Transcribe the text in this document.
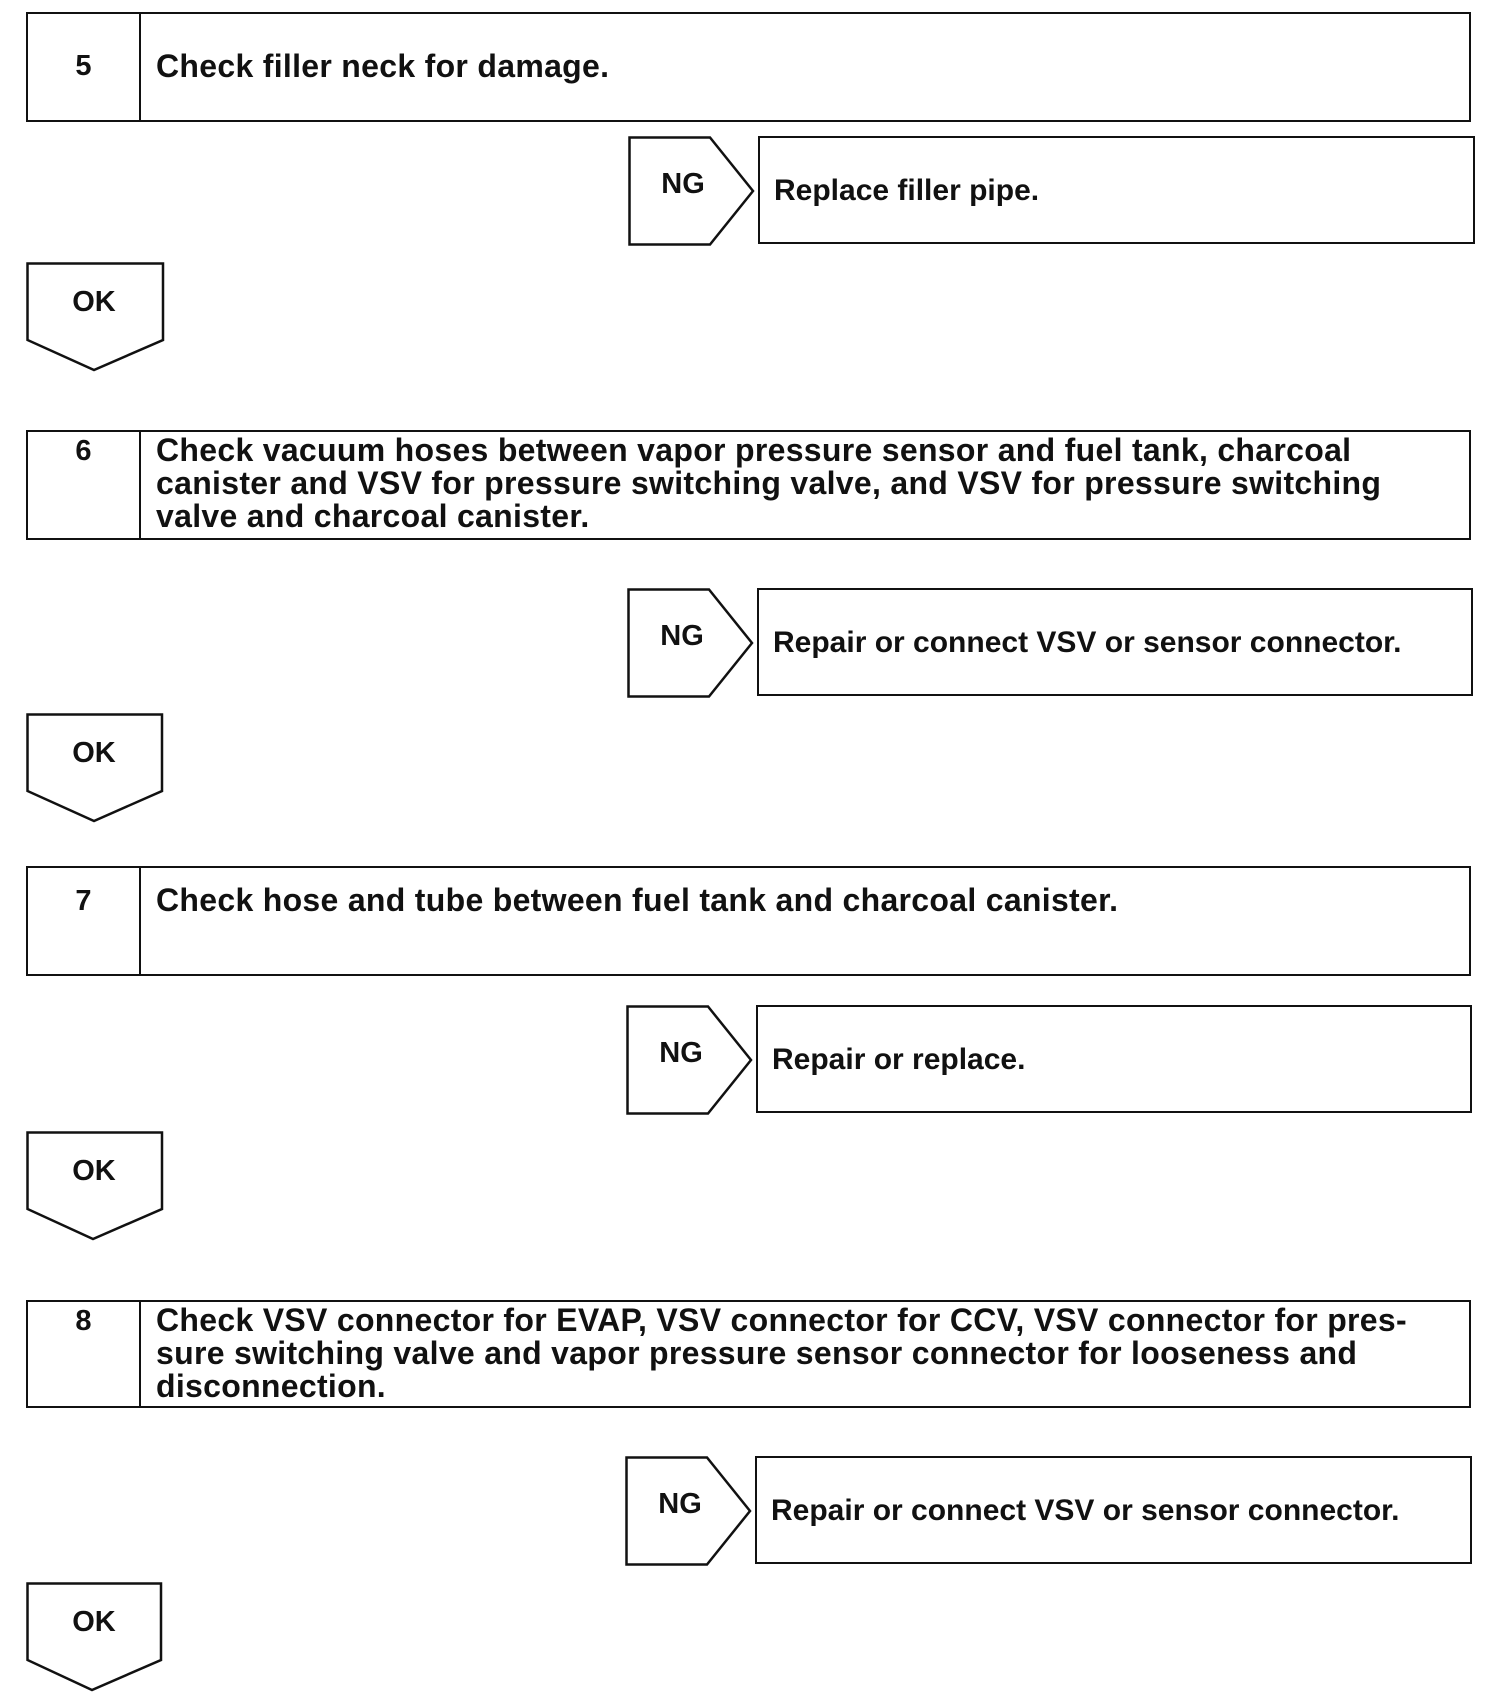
5	Check filler neck for damage.
NG	Replace filler pipe.
OK
6	Check vacuum hoses between vapor pressure sensor and fuel tank, charcoal
canister and VSV for pressure switching valve, and VSV for pressure switching
valve and charcoal canister.
NG	Repair or connect VSV or sensor connector.
OK
7	Check hose and tube between fuel tank and charcoal canister.
NG	Repair or replace.
OK
8	Check VSV connector for EVAP, VSV connector for CCV, VSV connector for pres-
sure switching valve and vapor pressure sensor connector for looseness and
disconnection.
NG	Repair or connect VSV or sensor connector.
OK
